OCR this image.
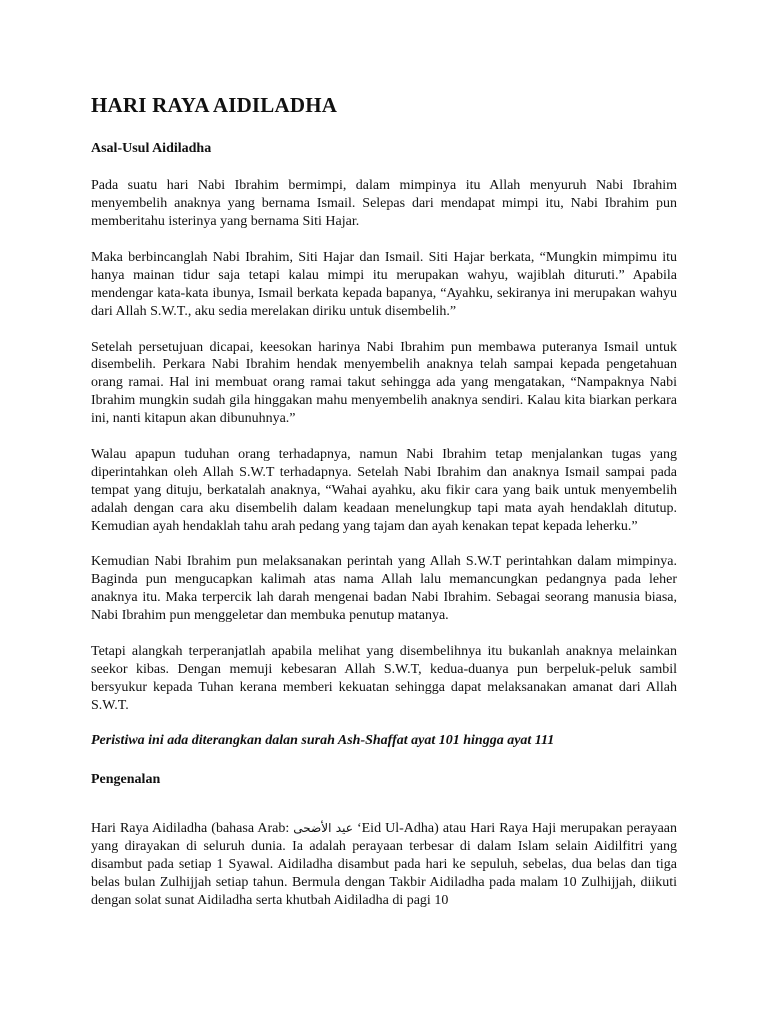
HARI RAYA AIDILADHA
Asal-Usul Aidiladha

Pada suatu hari Nabi Ibrahim bermimpi, dalam mimpinya itu Allah menyuruh Nabi Ibrahim menyembelih anaknya yang bernama Ismail. Selepas dari mendapat mimpi itu, Nabi Ibrahim pun memberitahu isterinya yang bernama Siti Hajar.

Maka berbincanglah Nabi Ibrahim, Siti Hajar dan Ismail. Siti Hajar berkata, “Mungkin mimpimu itu hanya mainan tidur saja tetapi kalau mimpi itu merupakan wahyu, wajiblah dituruti.” Apabila mendengar kata-kata ibunya, Ismail berkata kepada bapanya, “Ayahku, sekiranya ini merupakan wahyu dari Allah S.W.T., aku sedia merelakan diriku untuk disembelih.”

Setelah persetujuan dicapai, keesokan harinya Nabi Ibrahim pun membawa puteranya Ismail untuk disembelih. Perkara Nabi Ibrahim hendak menyembelih anaknya telah sampai kepada pengetahuan orang ramai. Hal ini membuat orang ramai takut sehingga ada yang mengatakan, “Nampaknya Nabi Ibrahim mungkin sudah gila hinggakan mahu menyembelih anaknya sendiri. Kalau kita biarkan perkara ini, nanti kitapun akan dibunuhnya.”

Walau apapun tuduhan orang terhadapnya, namun Nabi Ibrahim tetap menjalankan tugas yang diperintahkan oleh Allah S.W.T terhadapnya. Setelah Nabi Ibrahim dan anaknya Ismail sampai pada tempat yang dituju, berkatalah anaknya, “Wahai ayahku, aku fikir cara yang baik untuk menyembelih adalah dengan cara aku disembelih dalam keadaan menelungkup tapi mata ayah hendaklah ditutup. Kemudian ayah hendaklah tahu arah pedang yang tajam dan ayah kenakan tepat kepada leherku.”

Kemudian Nabi Ibrahim pun melaksanakan perintah yang Allah S.W.T perintahkan dalam mimpinya. Baginda pun mengucapkan kalimah atas nama Allah lalu memancungkan pedangnya pada leher anaknya itu. Maka terpercik lah darah mengenai badan Nabi Ibrahim. Sebagai seorang manusia biasa, Nabi Ibrahim pun menggeletar dan membuka penutup matanya.

Tetapi alangkah terperanjatlah apabila melihat yang disembelihnya itu bukanlah anaknya melainkan seekor kibas. Dengan memuji kebesaran Allah S.W.T, kedua-duanya pun berpeluk-peluk sambil bersyukur kepada Tuhan kerana memberi kekuatan sehingga dapat melaksanakan amanat dari Allah S.W.T.

Peristiwa ini ada diterangkan dalan surah Ash-Shaffat ayat 101 hingga ayat 111

Pengenalan

Hari Raya Aidiladha (bahasa Arab: عيد الأضحى ‘Eid Ul-Adha) atau Hari Raya Haji merupakan perayaan yang dirayakan di seluruh dunia. Ia adalah perayaan terbesar di dalam Islam selain Aidilfitri yang disambut pada setiap 1 Syawal. Aidiladha disambut pada hari ke sepuluh, sebelas, dua belas dan tiga belas bulan Zulhijjah setiap tahun. Bermula dengan Takbir Aidiladha pada malam 10 Zulhijjah, diikuti dengan solat sunat Aidiladha serta khutbah Aidiladha di pagi 10
